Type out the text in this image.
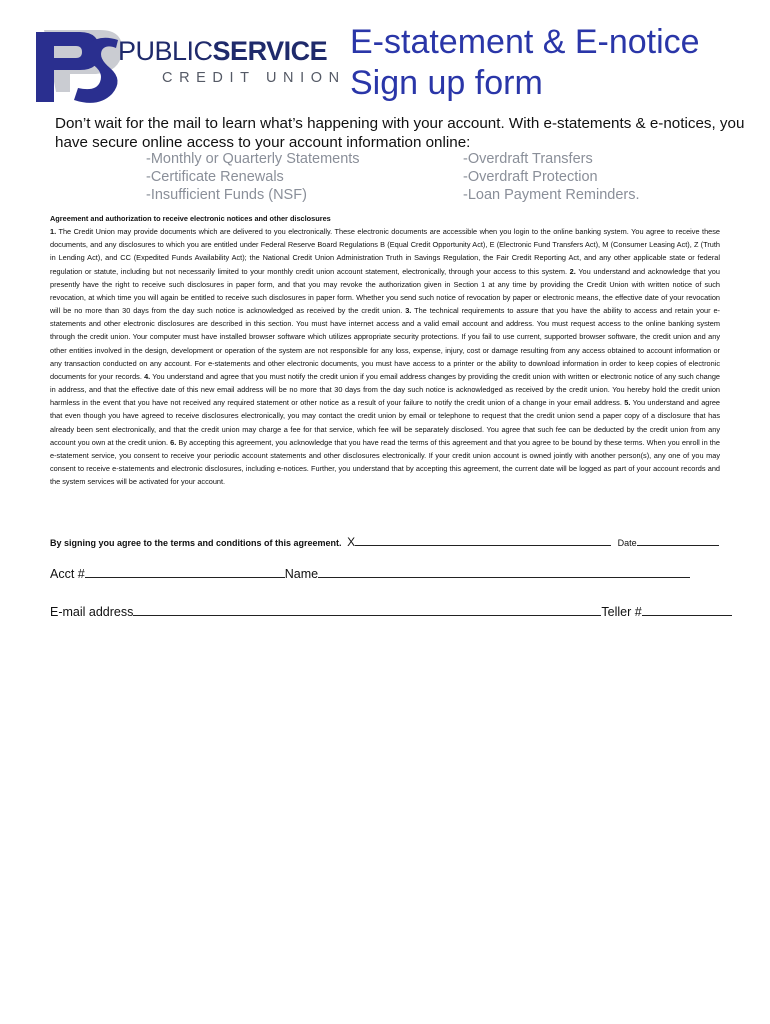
PUBLICSERVICE
CREDIT UNION
E-statement & E-notice
Sign up form
Don’t wait for the mail to learn what’s happening with your account. With e-statements & e-notices, you have secure online access to your account information online:
-Monthly or Quarterly Statements
-Certificate Renewals
-Insufficient Funds (NSF)
-Overdraft Transfers
-Overdraft Protection
-Loan Payment Reminders.
Agreement and authorization to receive electronic notices and other disclosures
1. The Credit Union may provide documents which are delivered to you electronically. These electronic documents are accessible when you login to the online banking system. You agree to receive these documents, and any disclosures to which you are entitled under Federal Reserve Board Regulations B (Equal Credit Opportunity Act), E (Electronic Fund Transfers Act), M (Consumer Leasing Act), Z (Truth in Lending Act), and CC (Expedited Funds Availability Act); the National Credit Union Administration Truth in Savings Regulation, the Fair Credit Reporting Act, and any other applicable state or federal regulation or statute, including but not necessarily limited to your monthly credit union account statement, electronically, through your access to this system. 2. You understand and acknowledge that you presently have the right to receive such disclosures in paper form, and that you may revoke the authorization given in Section 1 at any time by providing the Credit Union with written notice of such revocation, at which time you will again be entitled to receive such disclosures in paper form. Whether you send such notice of revocation by paper or electronic means, the effective date of your revocation will be no more than 30 days from the day such notice is acknowledged as received by the credit union. 3. The technical requirements to assure that you have the ability to access and retain your e-statements and other electronic disclosures are described in this section. You must have internet access and a valid email account and address. You must request access to the online banking system through the credit union. Your computer must have installed browser software which utilizes appropriate security protections. If you fail to use current, supported browser software, the credit union and any other entities involved in the design, development or operation of the system are not responsible for any loss, expense, injury, cost or damage resulting from any access obtained to account information or any transaction conducted on any account. For e-statements and other electronic documents, you must have access to a printer or the ability to download information in order to keep copies of electronic documents for your records. 4. You understand and agree that you must notify the credit union if you email address changes by providing the credit union with written or electronic notice of any such change in address, and that the effective date of this new email address will be no more that 30 days from the day such notice is acknowledged as received by the credit union. You hereby hold the credit union harmless in the event that you have not received any required statement or other notice as a result of your failure to notify the credit union of a change in your email address. 5. You understand and agree that even though you have agreed to receive disclosures electronically, you may contact the credit union by email or telephone to request that the credit union send a paper copy of a disclosure that has already been sent electronically, and that the credit union may charge a fee for that service, which fee will be separately disclosed. You agree that such fee can be deducted by the credit union from any account you own at the credit union. 6. By accepting this agreement, you acknowledge that you have read the terms of this agreement and that you agree to be bound by these terms. When you enroll in the e-statement service, you consent to receive your periodic account statements and other disclosures electronically. If your credit union account is owned jointly with another person(s), any one of you may consent to receive e-statements and electronic disclosures, including e-notices. Further, you understand that by accepting this agreement, the current date will be logged as part of your account records and the system services will be activated for your account.
By signing you agree to the terms and conditions of this agreement. X	Date
Acct #	Name
E-mail address	Teller #
